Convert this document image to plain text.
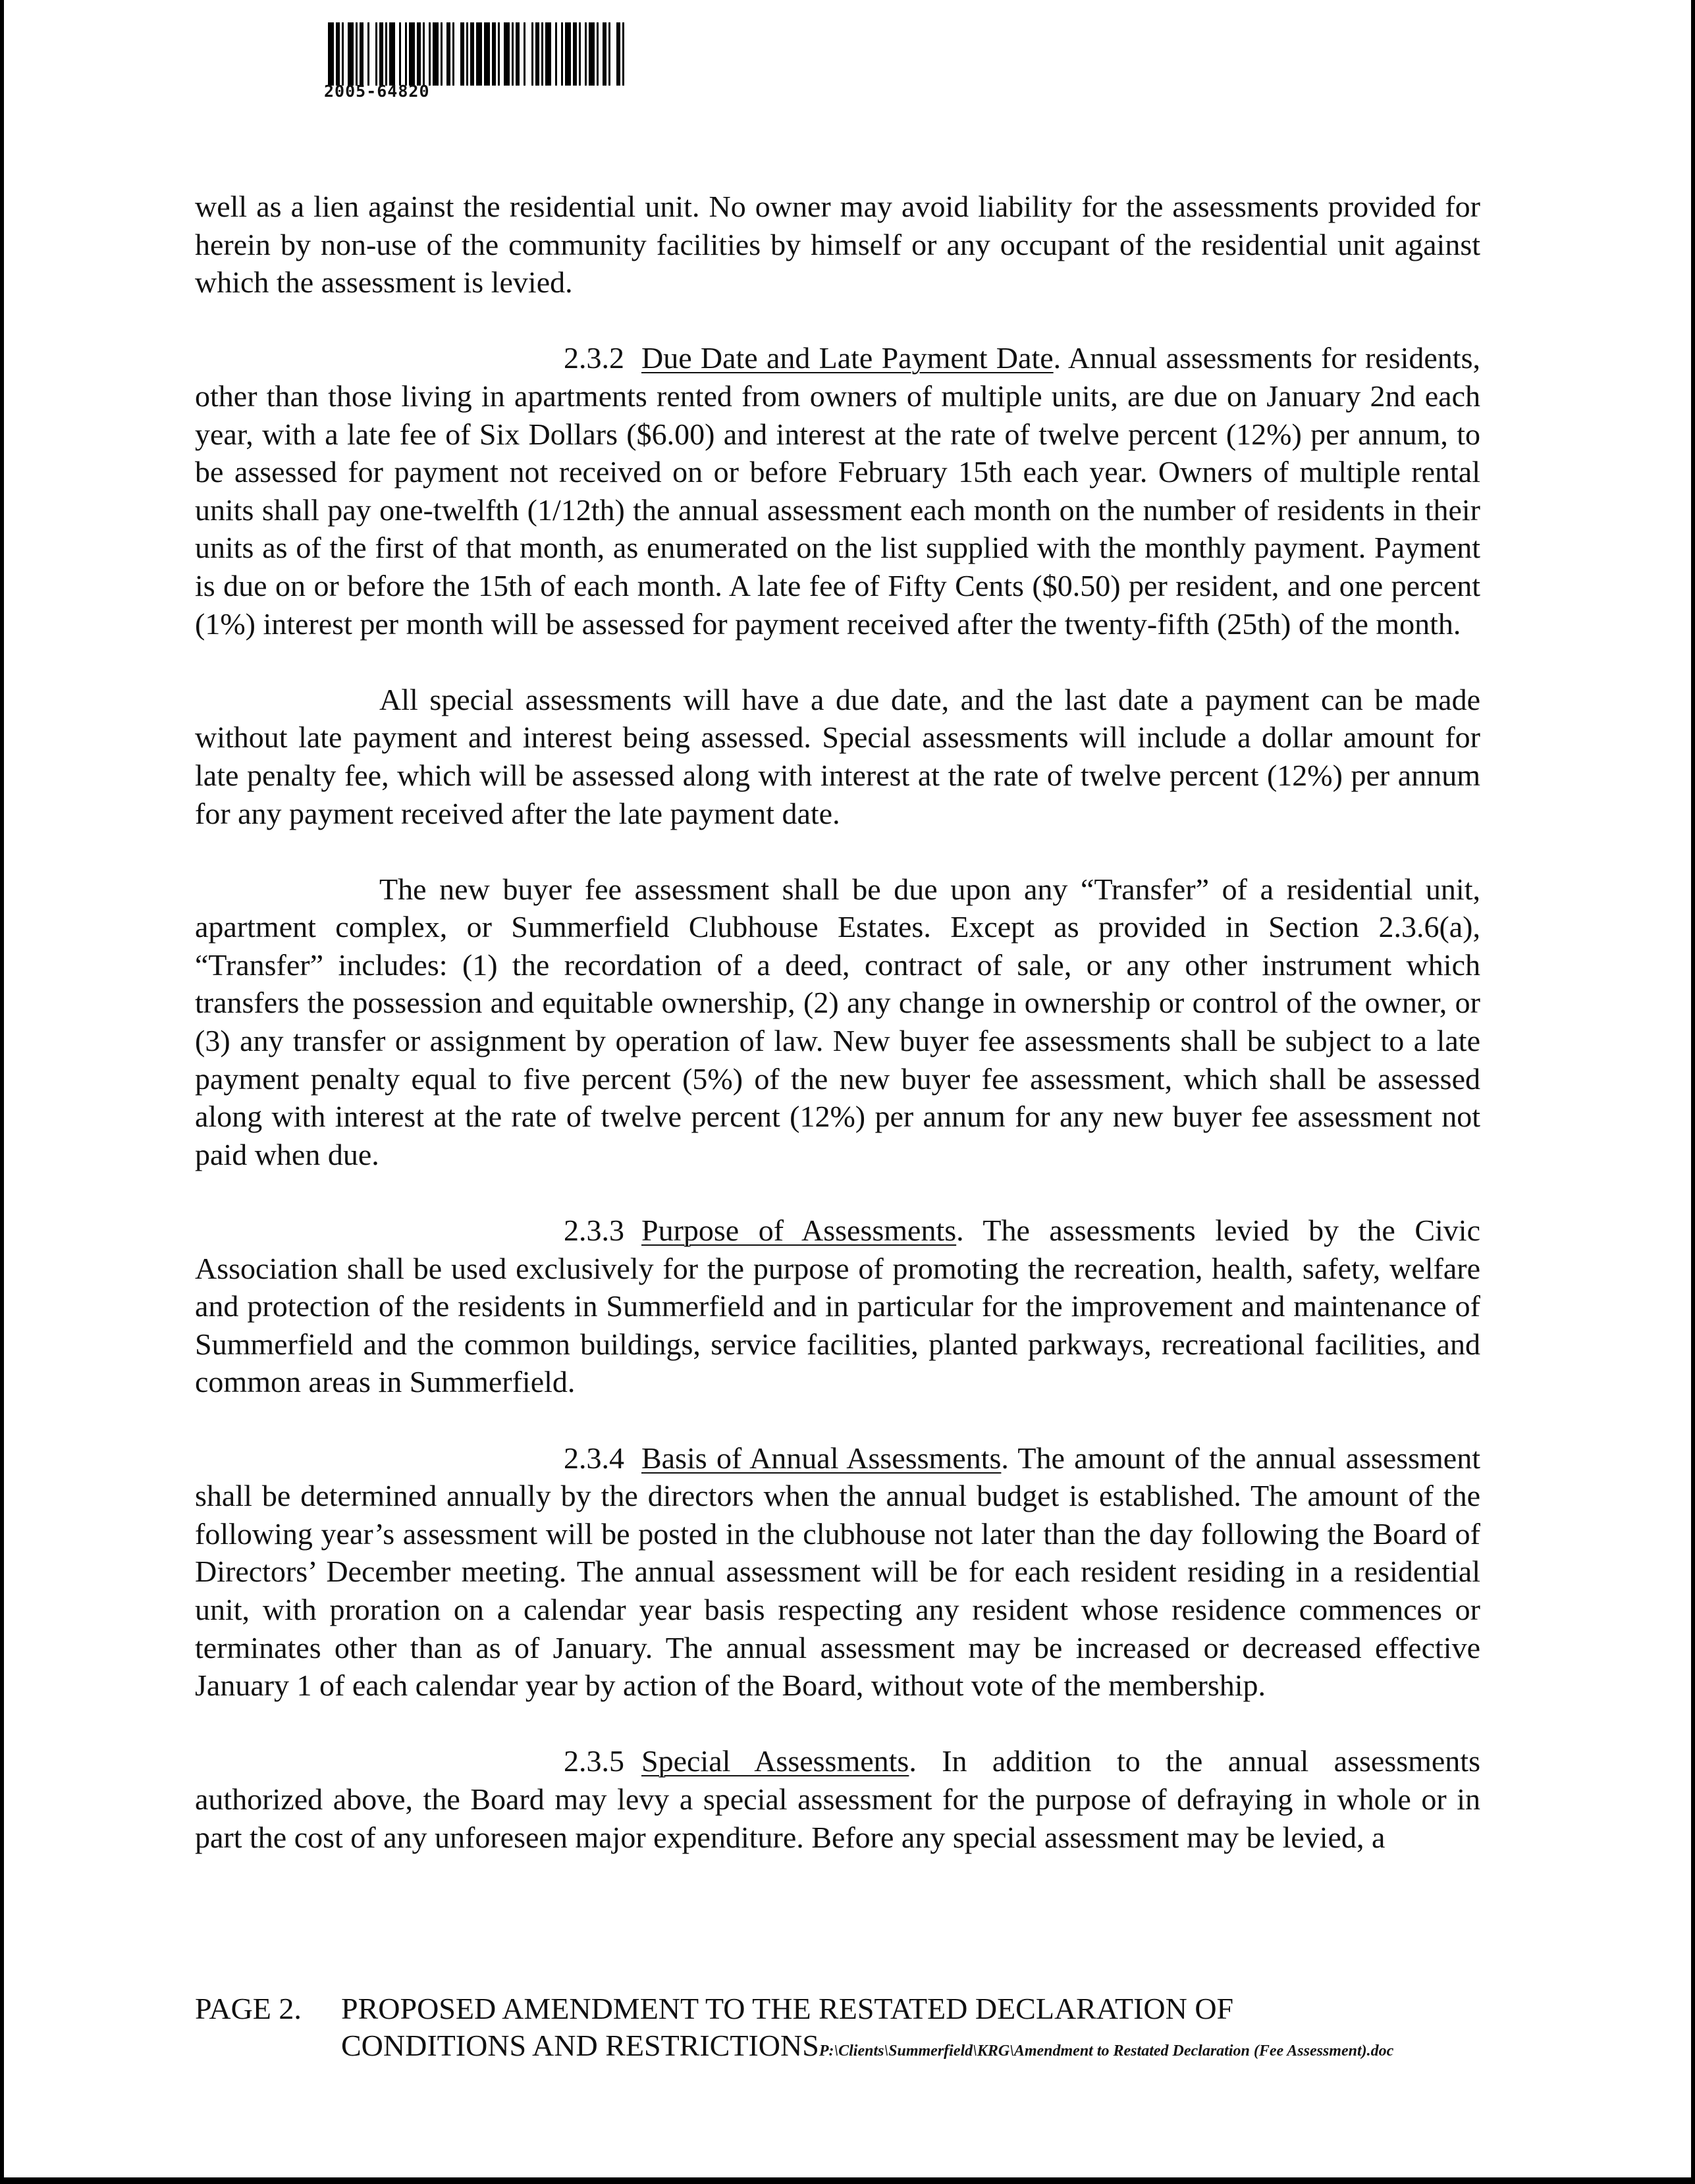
2005-64820

well as a lien against the residential unit. No owner may avoid liability for the assessments provided for herein by non-use of the community facilities by himself or any occupant of the residential unit against which the assessment is levied.

2.3.2 Due Date and Late Payment Date. Annual assessments for residents, other than those living in apartments rented from owners of multiple units, are due on January 2nd each year, with a late fee of Six Dollars ($6.00) and interest at the rate of twelve percent (12%) per annum, to be assessed for payment not received on or before February 15th each year. Owners of multiple rental units shall pay one-twelfth (1/12th) the annual assessment each month on the number of residents in their units as of the first of that month, as enumerated on the list supplied with the monthly payment. Payment is due on or before the 15th of each month. A late fee of Fifty Cents ($0.50) per resident, and one percent (1%) interest per month will be assessed for payment received after the twenty-fifth (25th) of the month.

All special assessments will have a due date, and the last date a payment can be made without late payment and interest being assessed. Special assessments will include a dollar amount for late penalty fee, which will be assessed along with interest at the rate of twelve percent (12%) per annum for any payment received after the late payment date.

The new buyer fee assessment shall be due upon any “Transfer” of a residential unit, apartment complex, or Summerfield Clubhouse Estates. Except as provided in Section 2.3.6(a), “Transfer” includes: (1) the recordation of a deed, contract of sale, or any other instrument which transfers the possession and equitable ownership, (2) any change in ownership or control of the owner, or (3) any transfer or assignment by operation of law. New buyer fee assessments shall be subject to a late payment penalty equal to five percent (5%) of the new buyer fee assessment, which shall be assessed along with interest at the rate of twelve percent (12%) per annum for any new buyer fee assessment not paid when due.

2.3.3 Purpose of Assessments. The assessments levied by the Civic Association shall be used exclusively for the purpose of promoting the recreation, health, safety, welfare and protection of the residents in Summerfield and in particular for the improvement and maintenance of Summerfield and the common buildings, service facilities, planted parkways, recreational facilities, and common areas in Summerfield.

2.3.4 Basis of Annual Assessments. The amount of the annual assessment shall be determined annually by the directors when the annual budget is established. The amount of the following year’s assessment will be posted in the clubhouse not later than the day following the Board of Directors’ December meeting. The annual assessment will be for each resident residing in a residential unit, with proration on a calendar year basis respecting any resident whose residence commences or terminates other than as of January. The annual assessment may be increased or decreased effective January 1 of each calendar year by action of the Board, without vote of the membership.

2.3.5 Special Assessments. In addition to the annual assessments authorized above, the Board may levy a special assessment for the purpose of defraying in whole or in part the cost of any unforeseen major expenditure. Before any special assessment may be levied, a

PAGE 2. PROPOSED AMENDMENT TO THE RESTATED DECLARATION OF
CONDITIONS AND RESTRICTIONSP:\Clients\Summerfield\KRG\Amendment to Restated Declaration (Fee Assessment).doc
